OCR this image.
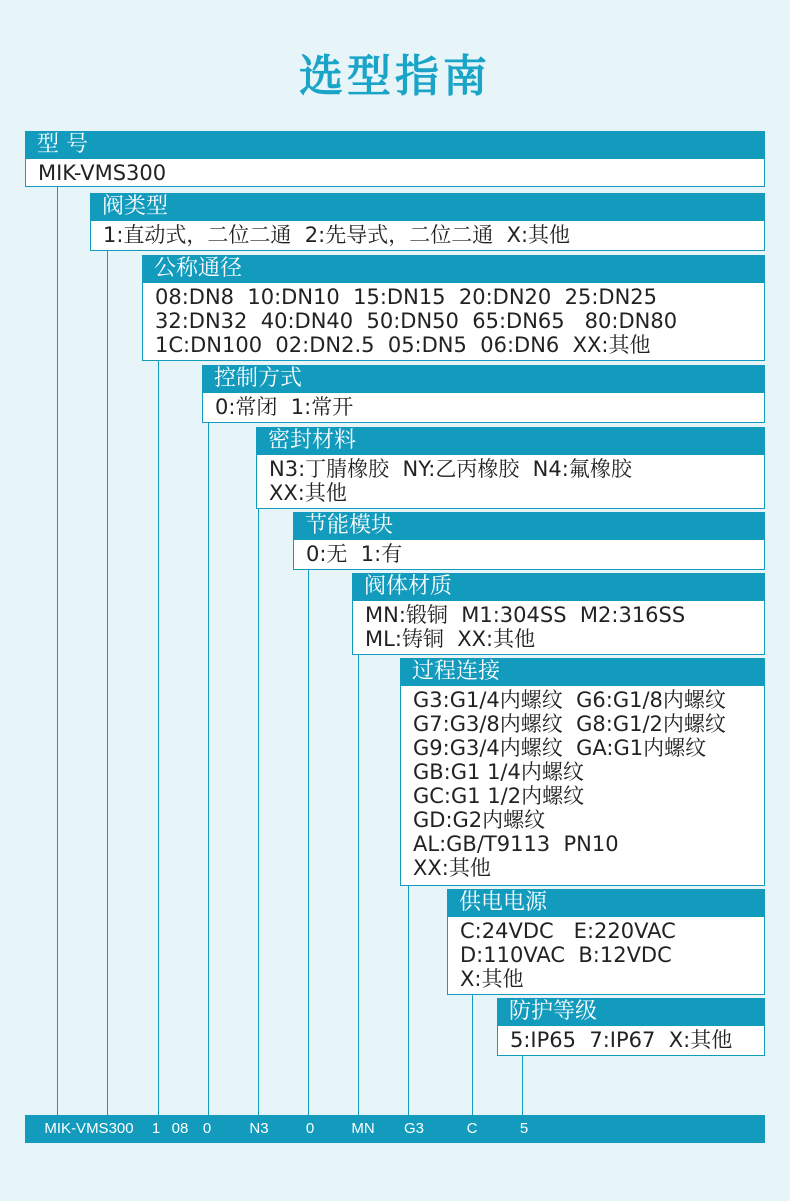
选型指南
型 号
MIK-VMS300
阀类型
1:直动式，二位二通  2:先导式，二位二通  X:其他
公称通径
08:DN8  10:DN10  15:DN15  20:DN20  25:DN25
32:DN32  40:DN40  50:DN50  65:DN65   80:DN80
1C:DN100  02:DN2.5  05:DN5  06:DN6  XX:其他
控制方式
0:常闭  1:常开
密封材料
N3:丁腈橡胶  NY:乙丙橡胶  N4:氟橡胶
XX:其他
节能模块
0:无  1:有
阀体材质
MN:锻铜  M1:304SS  M2:316SS
ML:铸铜  XX:其他
过程连接
G3:G1/4内螺纹  G6:G1/8内螺纹
G7:G3/8内螺纹  G8:G1/2内螺纹
G9:G3/4内螺纹  GA:G1内螺纹
GB:G1 1/4内螺纹
GC:G1 1/2内螺纹
GD:G2内螺纹
AL:GB/T9113  PN10
XX:其他
供电电源
C:24VDC   E:220VAC
D:110VAC  B:12VDC
X:其他
防护等级
5:IP65  7:IP67  X:其他
MIK-VMS300 1 08 0	N3 0 MN G3	C	5
